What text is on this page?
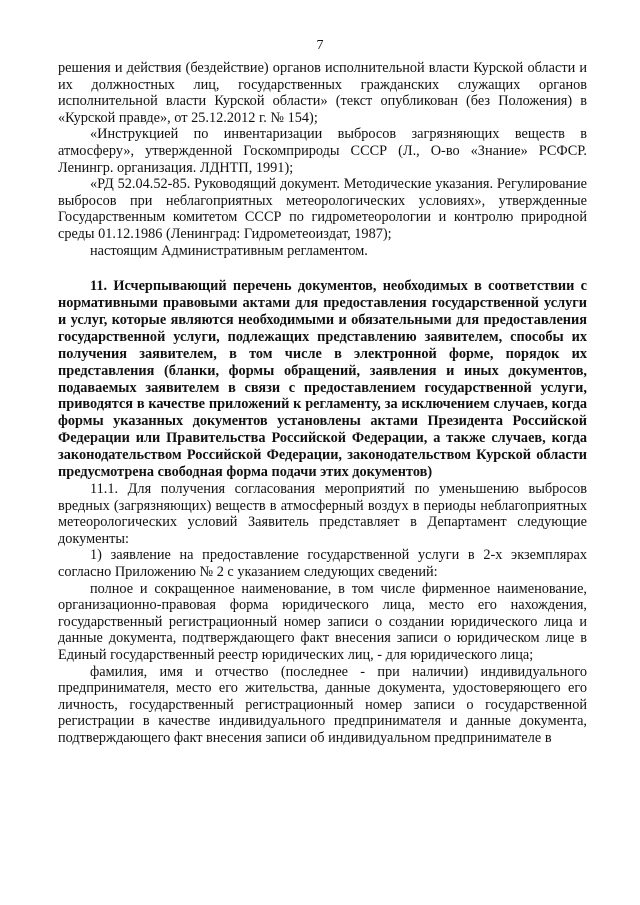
7

решения и действия (бездействие) органов исполнительной власти Курской области и их должностных лиц, государственных гражданских служащих органов исполнительной власти Курской области» (текст опубликован (без Положения) в «Курской правде», от 25.12.2012 г. № 154);

«Инструкцией по инвентаризации выбросов загрязняющих веществ в атмосферу», утвержденной Госкомприроды СССР (Л., О-во «Знание» РСФСР. Ленингр. организация. ЛДНТП, 1991);

«РД 52.04.52-85. Руководящий документ. Методические указания. Регулирование выбросов при неблагоприятных метеорологических условиях», утвержденные Государственным комитетом СССР по гидрометеорологии и контролю природной среды 01.12.1986 (Ленинград: Гидрометеоиздат, 1987);

настоящим Административным регламентом.

11. Исчерпывающий перечень документов, необходимых в соответствии с нормативными правовыми актами для предоставления государственной услуги и услуг, которые являются необходимыми и обязательными для предоставления государственной услуги, подлежащих представлению заявителем, способы их получения заявителем, в том числе в электронной форме, порядок их представления (бланки, формы обращений, заявления и иных документов, подаваемых заявителем в связи с предоставлением государственной услуги, приводятся в качестве приложений к регламенту, за исключением случаев, когда формы указанных документов установлены актами Президента Российской Федерации или Правительства Российской Федерации, а также случаев, когда законодательством Российской Федерации, законодательством Курской области предусмотрена свободная форма подачи этих документов)

11.1. Для получения согласования мероприятий по уменьшению выбросов вредных (загрязняющих) веществ в атмосферный воздух в периоды неблагоприятных метеорологических условий Заявитель представляет в Департамент следующие документы:

1) заявление на предоставление государственной услуги в 2-х экземплярах согласно Приложению № 2 с указанием следующих сведений:

полное и сокращенное наименование, в том числе фирменное наименование, организационно-правовая форма юридического лица, место его нахождения, государственный регистрационный номер записи о создании юридического лица и данные документа, подтверждающего факт внесения записи о юридическом лице в Единый государственный реестр юридических лиц, - для юридического лица;

фамилия, имя и отчество (последнее - при наличии) индивидуального предпринимателя, место его жительства, данные документа, удостоверяющего его личность, государственный регистрационный номер записи о государственной регистрации в качестве индивидуального предпринимателя и данные документа, подтверждающего факт внесения записи об индивидуальном предпринимателе в
